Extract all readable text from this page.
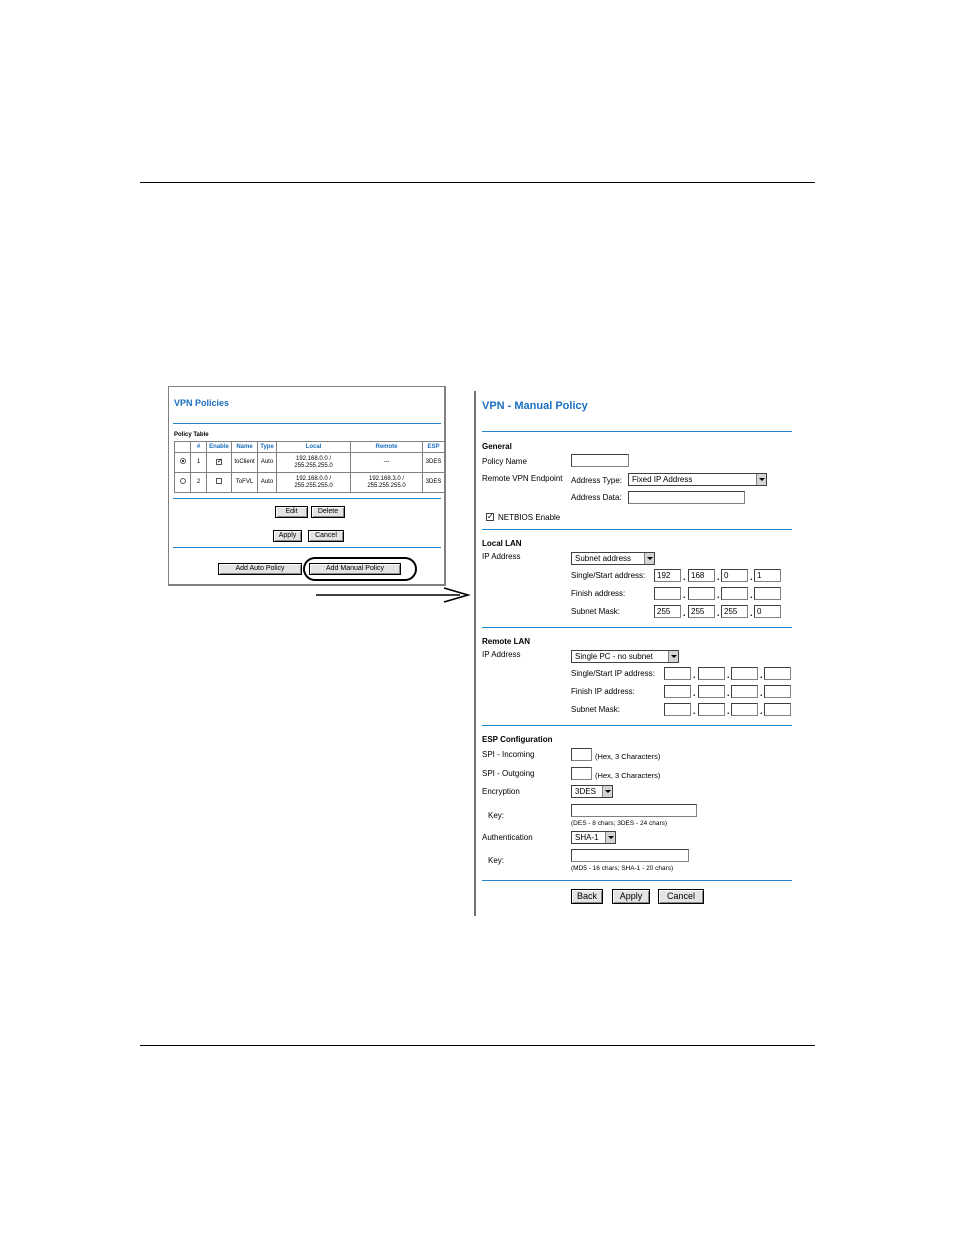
VPN Policies
Policy Table
	#	Enable	Name	Type	Local	Remote	ESP
	1	✓	toClient	Auto	192.168.0.0 /
255.255.255.0	---	3DES
	2		ToFVL	Auto	192.168.0.0 /
255.255.255.0	192.168.3.0 /
255.255.255.0	3DES
Edit	Delete
Apply	Cancel
Add Auto Policy	Add Manual Policy
VPN - Manual Policy
General
Policy Name
Remote VPN Endpoint Address Type:	Fixed IP Address
Address Data:
✓ NETBIOS Enable
Local LAN
IP Address	Subnet address
Single/Start address:	192	. 168	. 0	. 1
Finish address:	.	.	.
Subnet Mask:	255	. 255	. 255	. 0
Remote LAN
IP Address	Single PC - no subnet
Single/Start IP address:	.	.	.
Finish IP address:	.	.	.
Subnet Mask:	.	.	.
ESP Configuration
SPI - Incoming	(Hex, 3 Characters)
SPI - Outgoing	(Hex, 3 Characters)
Encryption	3DES
Key:
(DES - 8 chars; 3DES - 24 chars)
Authentication	SHA-1
Key:
(MD5 - 16 chars; SHA-1 - 20 chars)
Back	Apply	Cancel
